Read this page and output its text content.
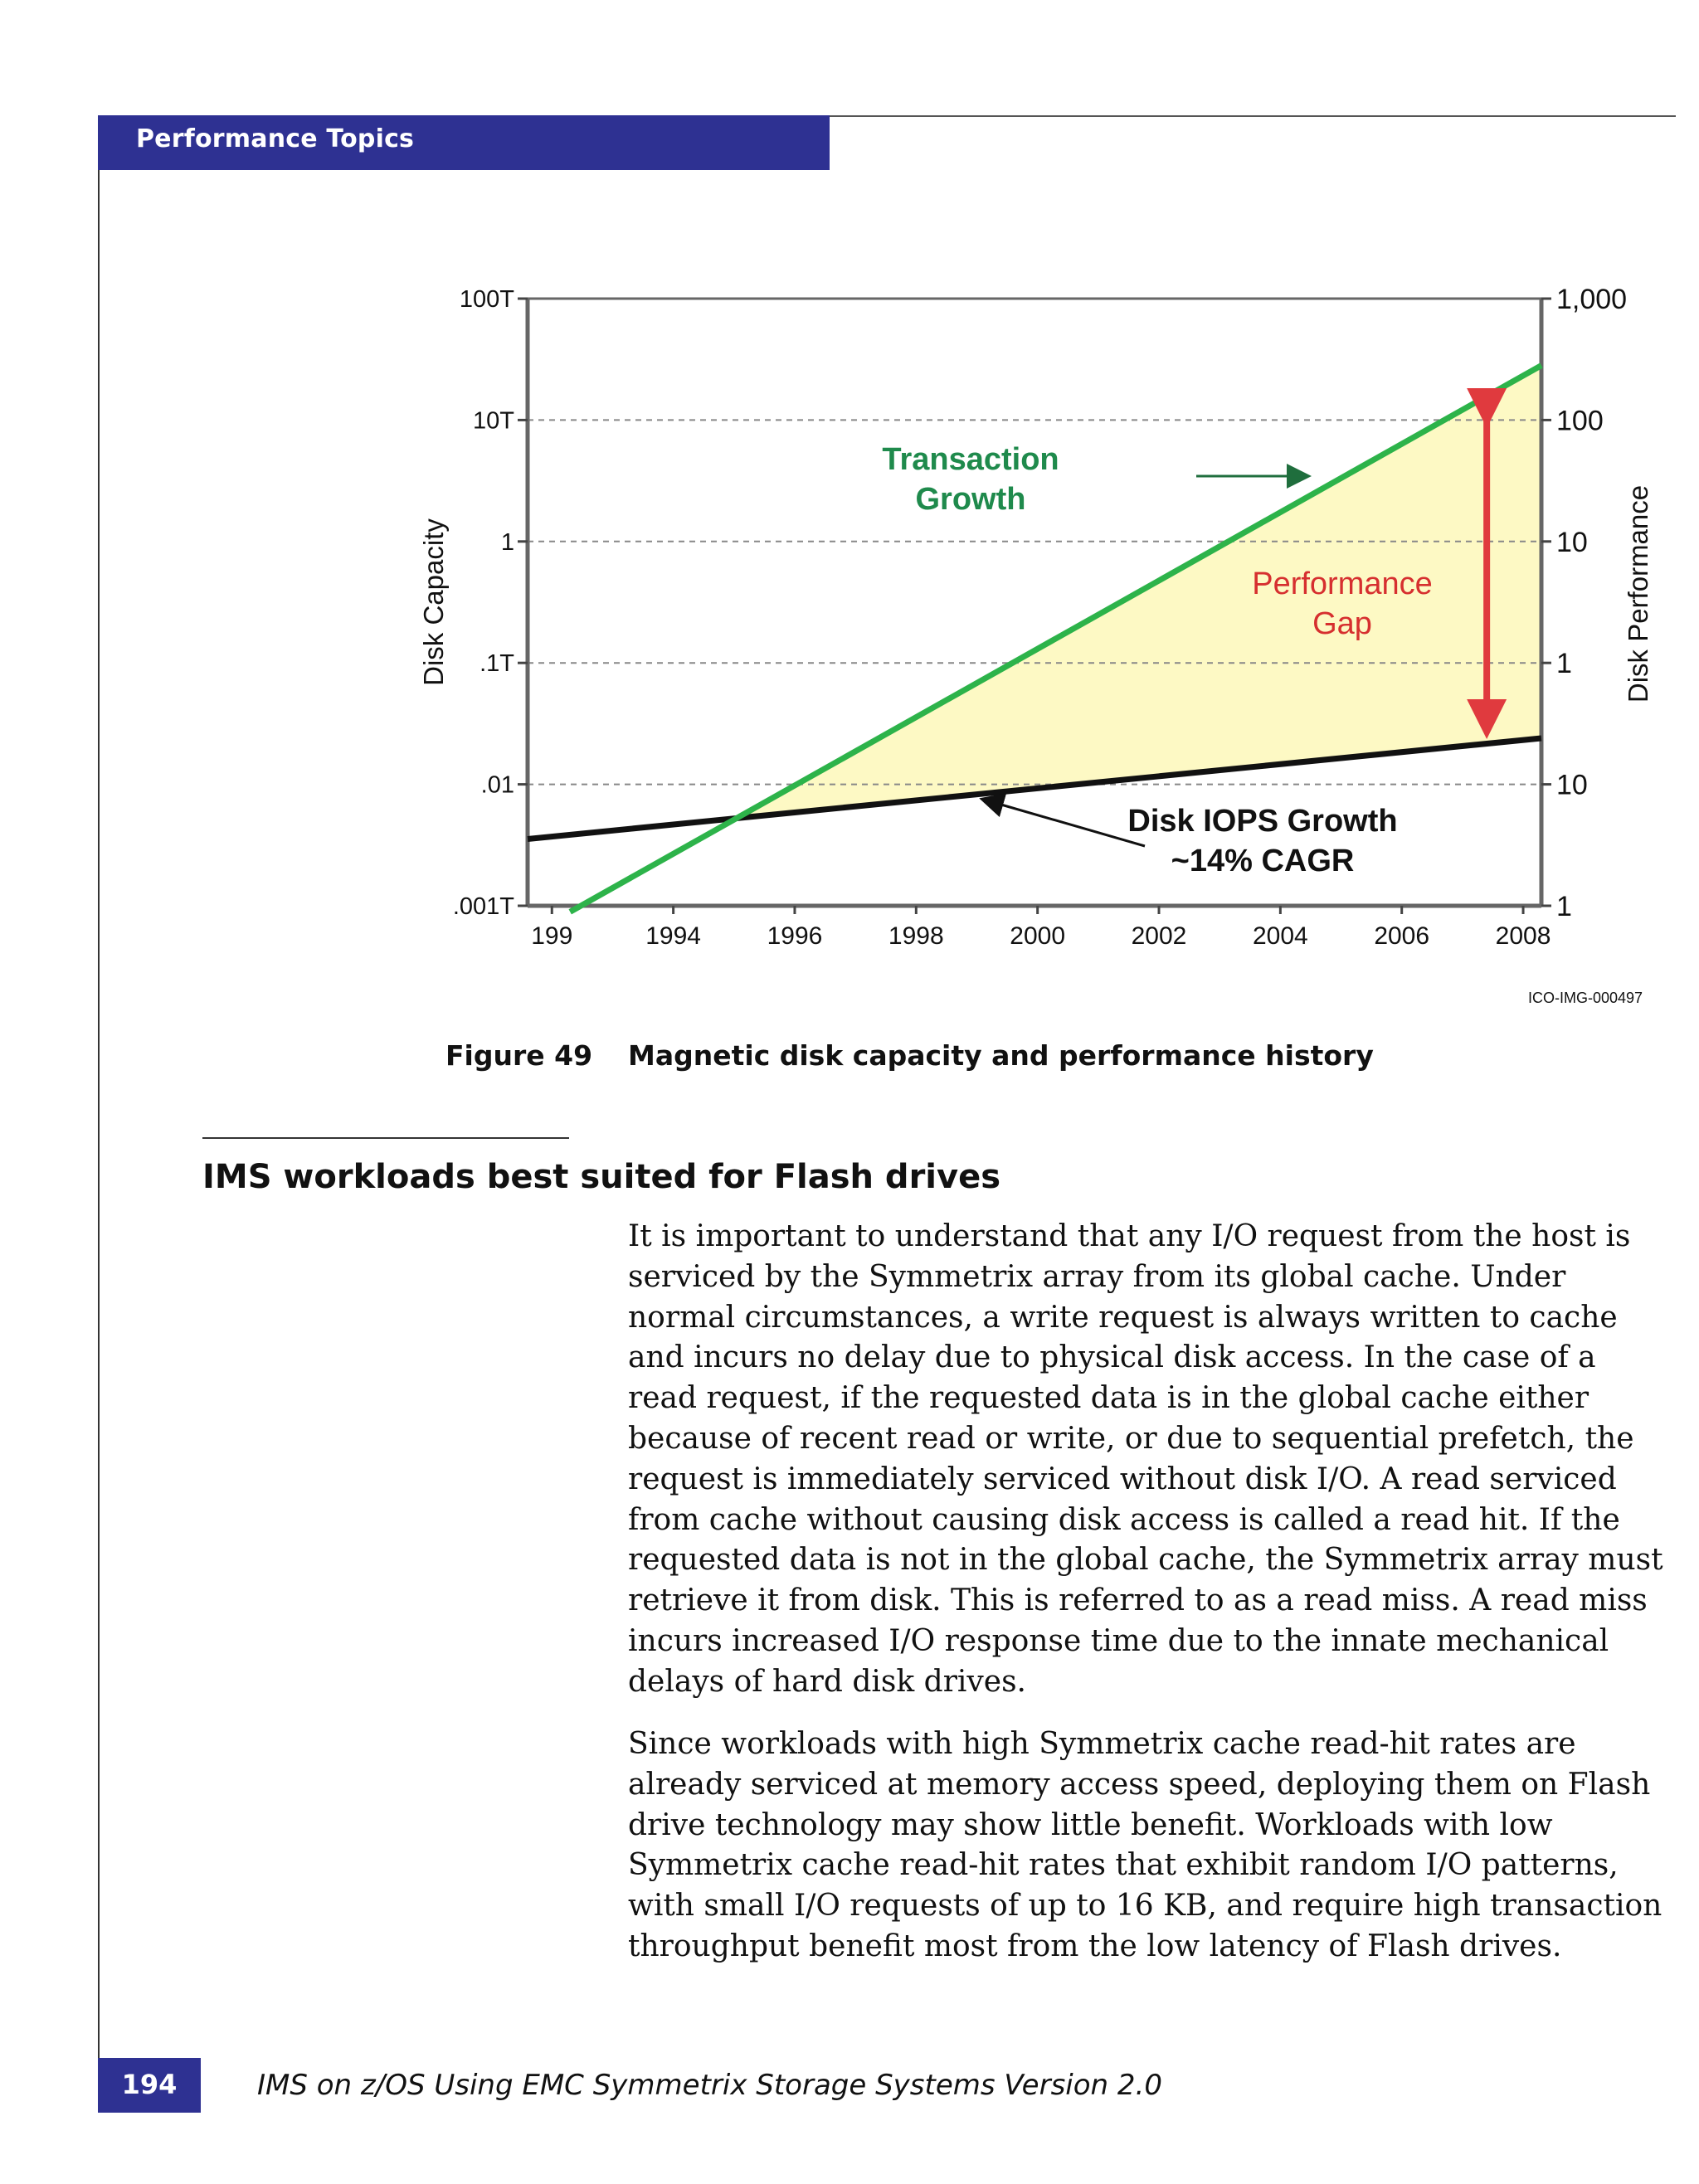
Performance Topics
.001T
.01
.1T
1
10T
100T
1
10
1
10
100
1,000
199	1994	1996	1998	2000	2002	2004	2006	2008
Disk Capacity	Disk Performance
Transaction
Growth
Performance
Gap
Disk IOPS Growth
~14% CAGR
ICO-IMG-000497
Figure 49 Magnetic disk capacity and performance history
IMS workloads best suited for Flash drives

It is important to understand that any I/O request from the host is serviced by the Symmetrix array from its global cache. Under normal circumstances, a write request is always written to cache and incurs no delay due to physical disk access. In the case of a read request, if the requested data is in the global cache either because of recent read or write, or due to sequential prefetch, the request is immediately serviced without disk I/O. A read serviced from cache without causing disk access is called a read hit. If the requested data is not in the global cache, the Symmetrix array must retrieve it from disk. This is referred to as a read miss. A read miss incurs increased I/O response time due to the innate mechanical delays of hard disk drives.

Since workloads with high Symmetrix cache read-hit rates are already serviced at memory access speed, deploying them on Flash drive technology may show little benefit. Workloads with low Symmetrix cache read-hit rates that exhibit random I/O patterns, with small I/O requests of up to 16 KB, and require high transaction throughput benefit most from the low latency of Flash drives.

194	IMS on z/OS Using EMC Symmetrix Storage Systems Version 2.0
